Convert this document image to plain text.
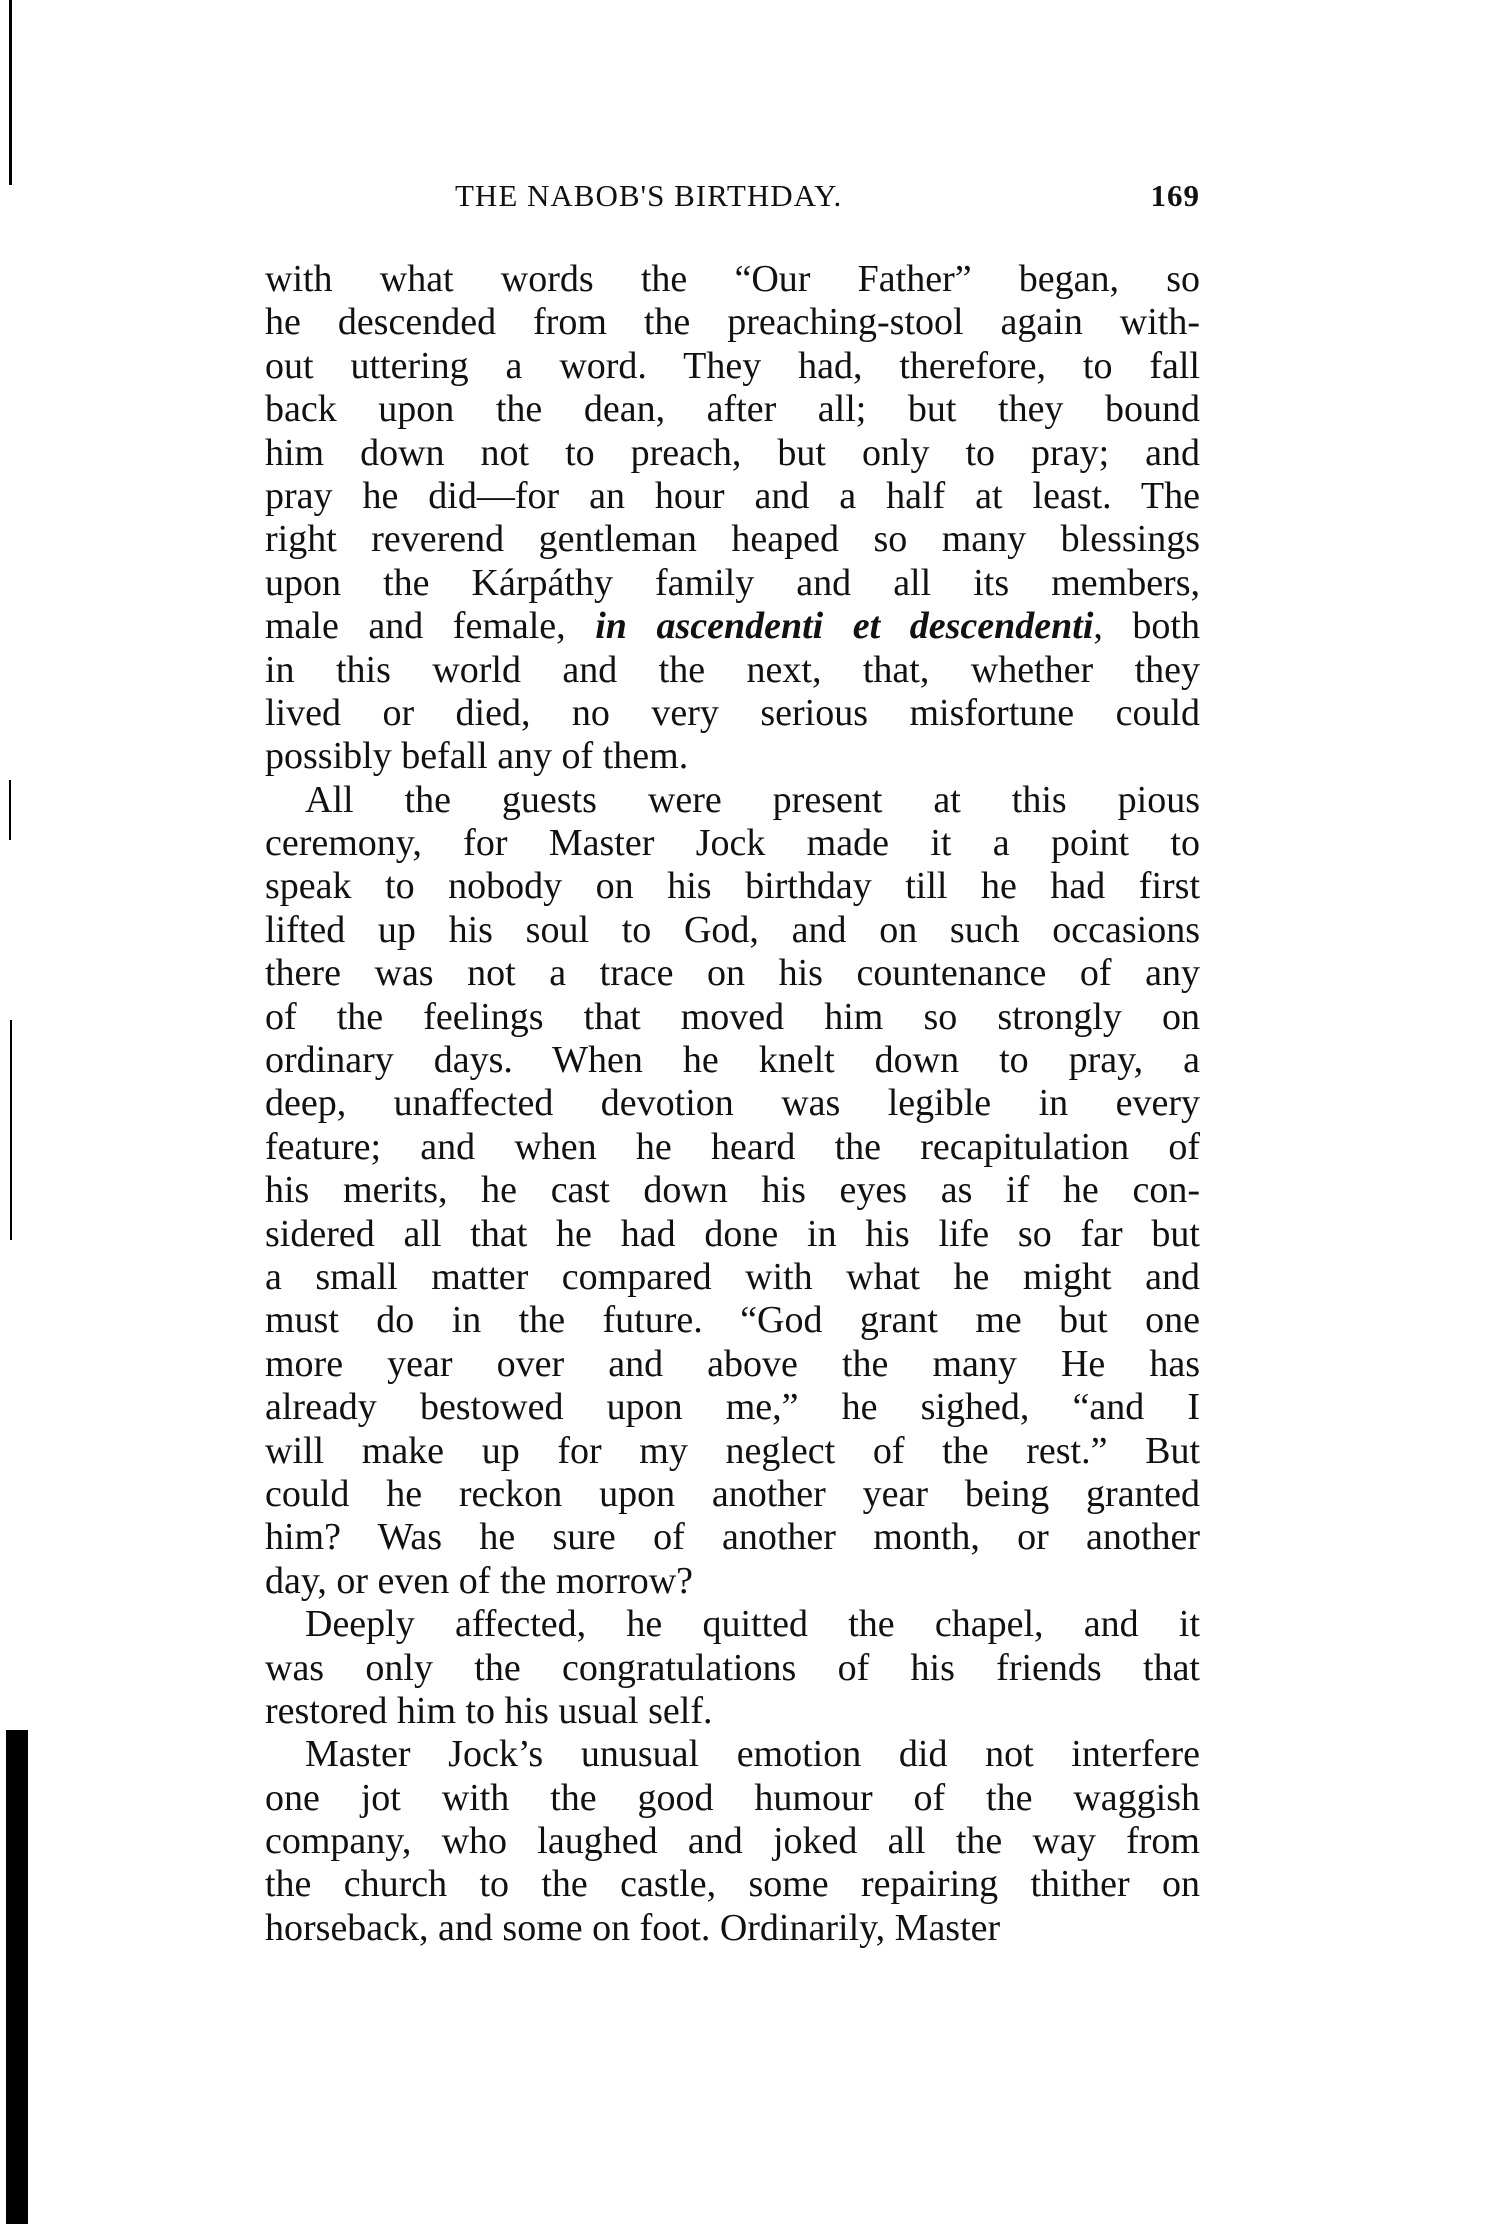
THE NABOB'S BIRTHDAY.	169
with what words the “Our Father” began, so
he descended from the preaching-stool again with-
out uttering a word. They had, therefore, to fall
back upon the dean, after all; but they bound
him down not to preach, but only to pray; and
pray he did—for an hour and a half at least. The
right reverend gentleman heaped so many blessings
upon the Kárpáthy family and all its members,
male and female, in ascendenti et descendenti, both
in this world and the next, that, whether they
lived or died, no very serious misfortune could
possibly befall any of them.
All the guests were present at this pious
ceremony, for Master Jock made it a point to
speak to nobody on his birthday till he had first
lifted up his soul to God, and on such occasions
there was not a trace on his countenance of any
of the feelings that moved him so strongly on
ordinary days. When he knelt down to pray, a
deep, unaffected devotion was legible in every
feature; and when he heard the recapitulation of
his merits, he cast down his eyes as if he con-
sidered all that he had done in his life so far but
a small matter compared with what he might and
must do in the future. “God grant me but one
more year over and above the many He has
already bestowed upon me,” he sighed, “and I
will make up for my neglect of the rest.” But
could he reckon upon another year being granted
him? Was he sure of another month, or another
day, or even of the morrow?
Deeply affected, he quitted the chapel, and it
was only the congratulations of his friends that
restored him to his usual self.
Master Jock’s unusual emotion did not interfere
one jot with the good humour of the waggish
company, who laughed and joked all the way from
the church to the castle, some repairing thither on
horseback, and some on foot. Ordinarily, Master
